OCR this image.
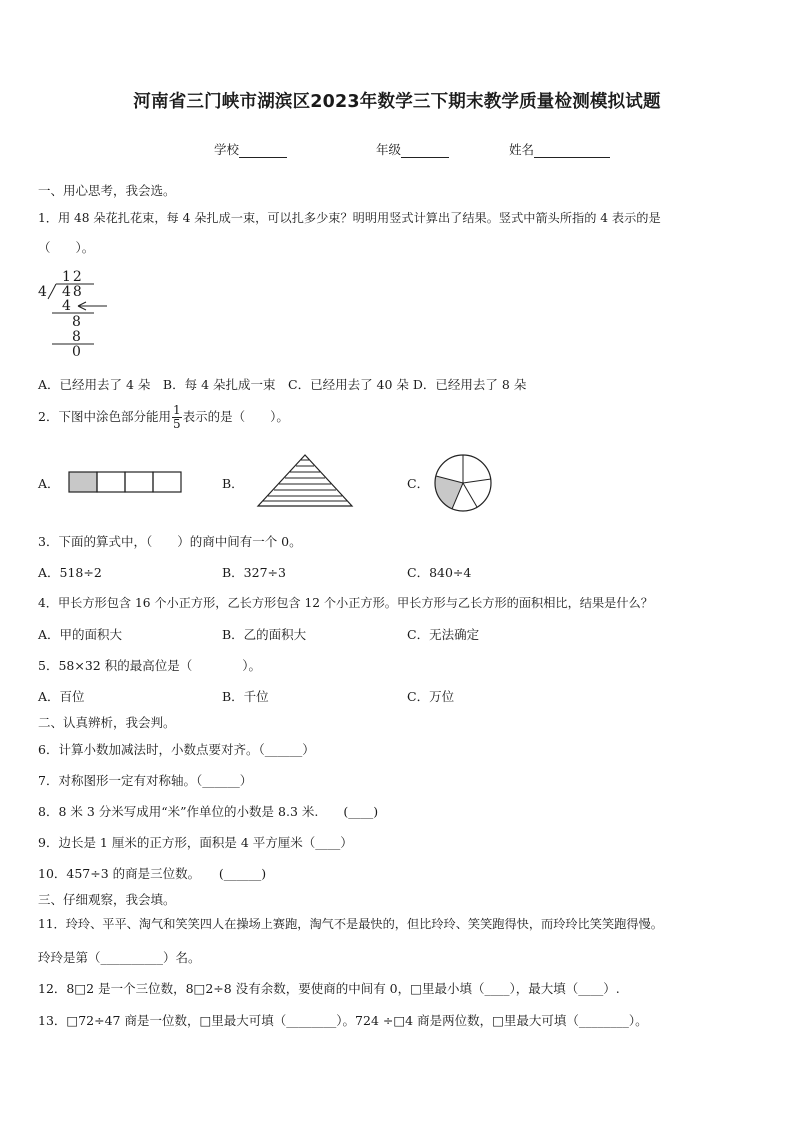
河南省三门峡市湖滨区2023年数学三下期末教学质量检测模拟试题
学校	年级	姓名
一、用心思考，我会选。
1．用 48 朵花扎花束，每 4 朵扎成一束，可以扎多少束？明明用竖式计算出了结果。竖式中箭头所指的 4 表示的是
（　　）。
12
4 48
4
8
8
0
A．已经用去了 4 朵　B．每 4 朵扎成一束　C．已经用去了 40 朵 D．已经用去了 8 朵
2．下图中涂色部分能用 $\frac{1}{5}$ 表示的是（　　）。
A．	B．	C．
3．下面的算式中，（　　）的商中间有一个 0。
A．518÷2	B．327÷3	C．840÷4
4．甲长方形包含 16 个小正方形，乙长方形包含 12 个小正方形。甲长方形与乙长方形的面积相比，结果是什么？
A．甲的面积大	B．乙的面积大	C．无法确定
5．58×32 积的最高位是（　　　　）。
A．百位	B．千位	C．万位
二、认真辨析，我会判。
6．计算小数加减法时，小数点要对齐。（______）
7．对称图形一定有对称轴。（______）
8．8 米 3 分米写成用“米”作单位的小数是 8.3 米.　　(____)
9．边长是 1 厘米的正方形，面积是 4 平方厘米（____）
10．457÷3 的商是三位数。　　(______)
三、仔细观察，我会填。
11．玲玲、平平、淘气和笑笑四人在操场上赛跑，淘气不是最快的，但比玲玲、笑笑跑得快，而玲玲比笑笑跑得慢。
玲玲是第（__________）名。
12．8□2 是一个三位数，8□2÷8 没有余数，要使商的中间有 0，□里最小填（____），最大填（____）.
13．□72÷47 商是一位数，□里最大可填（________）。724 ÷□4 商是两位数，□里最大可填（________）。
